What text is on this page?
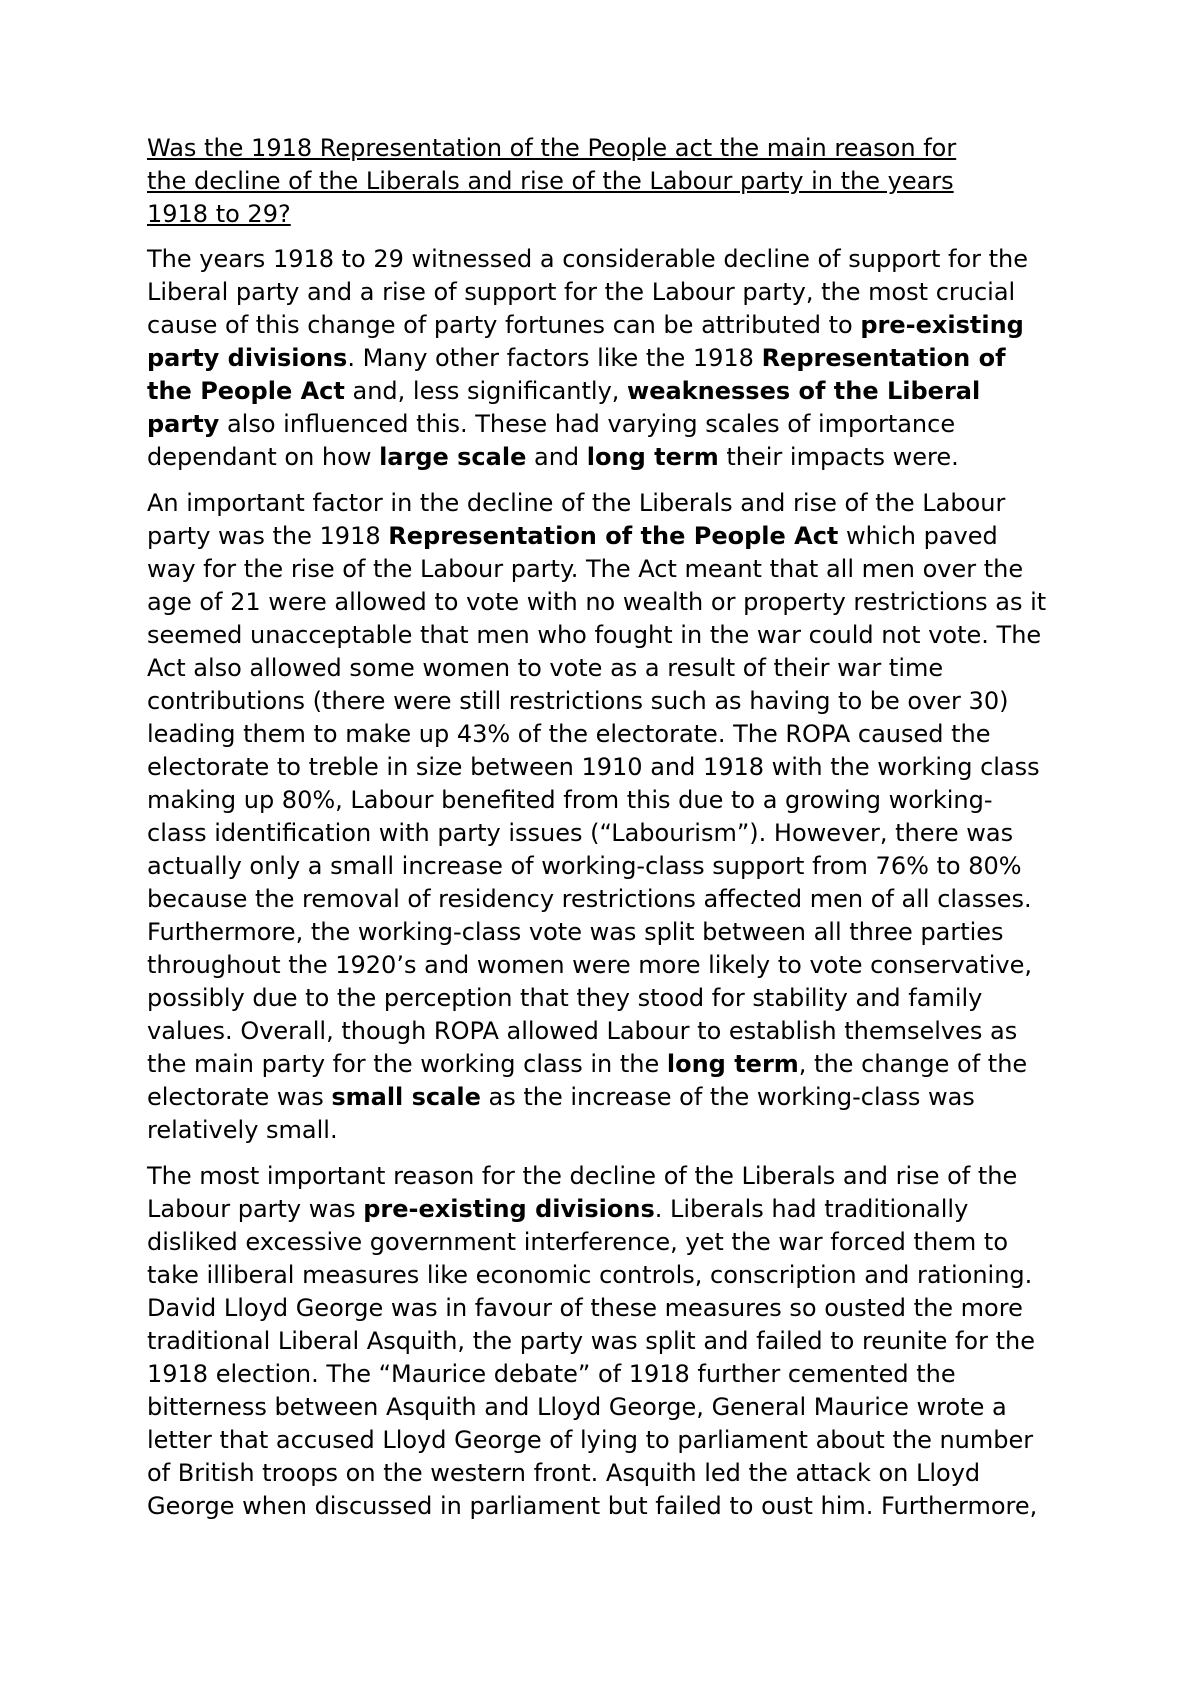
Was the 1918 Representation of the People act the main reason for
the decline of the Liberals and rise of the Labour party in the years
1918 to 29?

The years 1918 to 29 witnessed a considerable decline of support for the
Liberal party and a rise of support for the Labour party, the most crucial
cause of this change of party fortunes can be attributed to pre-existing
party divisions. Many other factors like the 1918 Representation of
the People Act and, less significantly, weaknesses of the Liberal
party also influenced this. These had varying scales of importance
dependant on how large scale and long term their impacts were.

An important factor in the decline of the Liberals and rise of the Labour
party was the 1918 Representation of the People Act which paved
way for the rise of the Labour party. The Act meant that all men over the
age of 21 were allowed to vote with no wealth or property restrictions as it
seemed unacceptable that men who fought in the war could not vote. The
Act also allowed some women to vote as a result of their war time
contributions (there were still restrictions such as having to be over 30)
leading them to make up 43% of the electorate. The ROPA caused the
electorate to treble in size between 1910 and 1918 with the working class
making up 80%, Labour benefited from this due to a growing working-
class identification with party issues (“Labourism”). However, there was
actually only a small increase of working-class support from 76% to 80%
because the removal of residency restrictions affected men of all classes.
Furthermore, the working-class vote was split between all three parties
throughout the 1920’s and women were more likely to vote conservative,
possibly due to the perception that they stood for stability and family
values. Overall, though ROPA allowed Labour to establish themselves as
the main party for the working class in the long term, the change of the
electorate was small scale as the increase of the working-class was
relatively small.

The most important reason for the decline of the Liberals and rise of the
Labour party was pre-existing divisions. Liberals had traditionally
disliked excessive government interference, yet the war forced them to
take illiberal measures like economic controls, conscription and rationing.
David Lloyd George was in favour of these measures so ousted the more
traditional Liberal Asquith, the party was split and failed to reunite for the
1918 election. The “Maurice debate” of 1918 further cemented the
bitterness between Asquith and Lloyd George, General Maurice wrote a
letter that accused Lloyd George of lying to parliament about the number
of British troops on the western front. Asquith led the attack on Lloyd
George when discussed in parliament but failed to oust him. Furthermore,
